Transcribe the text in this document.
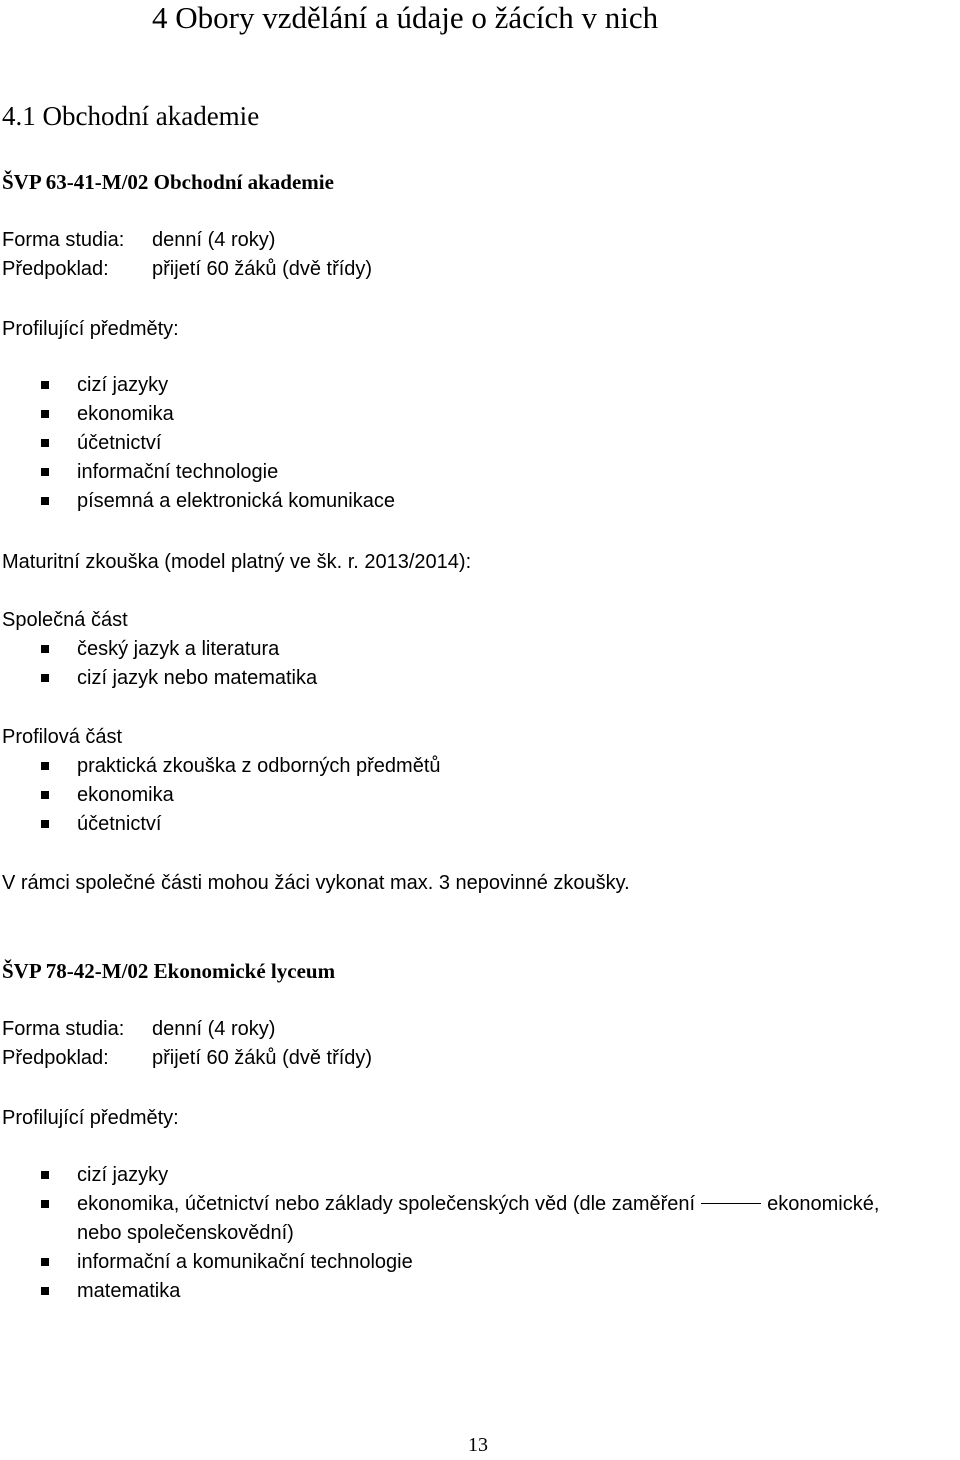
4 Obory vzdělání a údaje o žácích v nich
4.1 Obchodní akademie
ŠVP 63-41-M/02 Obchodní akademie
Forma studia: denní (4 roky)
Předpoklad: přijetí 60 žáků (dvě třídy)
Profilující předměty:
cizí jazyky
ekonomika
účetnictví
informační technologie
písemná a elektronická komunikace
Maturitní zkouška (model platný ve šk. r. 2013/2014):
Společná část
český jazyk a literatura
cizí jazyk nebo matematika
Profilová část
praktická zkouška z odborných předmětů
ekonomika
účetnictví
V rámci společné části mohou žáci vykonat max. 3 nepovinné zkoušky.
ŠVP 78-42-M/02 Ekonomické lyceum
Forma studia: denní (4 roky)
Předpoklad: přijetí 60 žáků (dvě třídy)
Profilující předměty:
cizí jazyky
ekonomika, účetnictví nebo základy společenských věd (dle zaměření	ekonomické,
nebo společenskovědní)
informační a komunikační technologie
matematika
13
